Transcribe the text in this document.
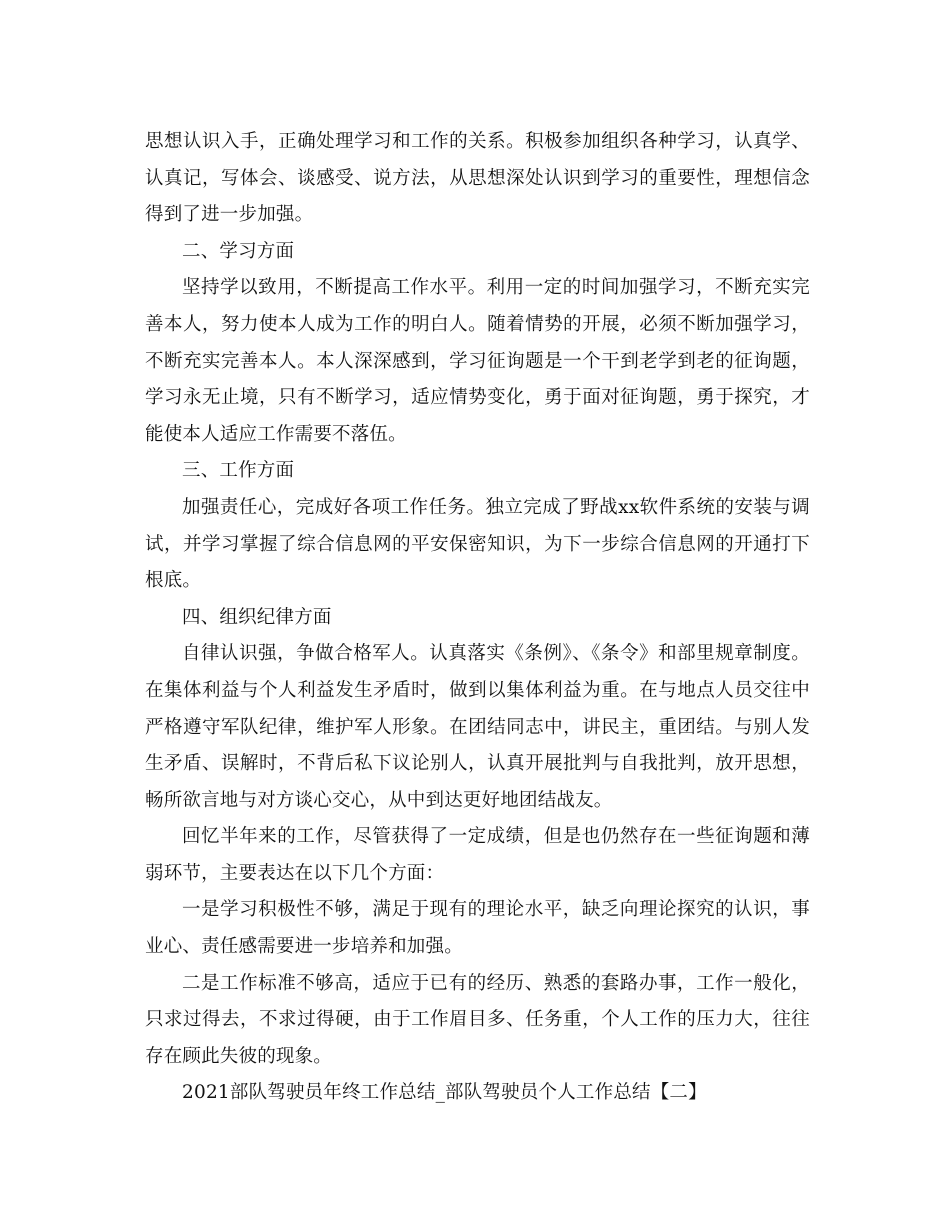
思想认识入手，正确处理学习和工作的关系。积极参加组织各种学习，认真学、认真记，写体会、谈感受、说方法，从思想深处认识到学习的重要性，理想信念得到了进一步加强。

二、学习方面

坚持学以致用，不断提高工作水平。利用一定的时间加强学习，不断充实完善本人，努力使本人成为工作的明白人。随着情势的开展，必须不断加强学习，不断充实完善本人。本人深深感到，学习征询题是一个干到老学到老的征询题，学习永无止境，只有不断学习，适应情势变化，勇于面对征询题，勇于探究，才能使本人适应工作需要不落伍。

三、工作方面

加强责任心，完成好各项工作任务。独立完成了野战xx软件系统的安装与调试，并学习掌握了综合信息网的平安保密知识，为下一步综合信息网的开通打下根底。

四、组织纪律方面

自律认识强，争做合格军人。认真落实《条例》、《条令》和部里规章制度。在集体利益与个人利益发生矛盾时，做到以集体利益为重。在与地点人员交往中严格遵守军队纪律，维护军人形象。在团结同志中，讲民主，重团结。与别人发生矛盾、误解时，不背后私下议论别人，认真开展批判与自我批判，放开思想，畅所欲言地与对方谈心交心，从中到达更好地团结战友。

回忆半年来的工作，尽管获得了一定成绩，但是也仍然存在一些征询题和薄弱环节，主要表达在以下几个方面：

一是学习积极性不够，满足于现有的理论水平，缺乏向理论探究的认识，事业心、责任感需要进一步培养和加强。

二是工作标准不够高，适应于已有的经历、熟悉的套路办事，工作一般化，只求过得去，不求过得硬，由于工作眉目多、任务重，个人工作的压力大，往往存在顾此失彼的现象。

2021部队驾驶员年终工作总结_部队驾驶员个人工作总结【二】
